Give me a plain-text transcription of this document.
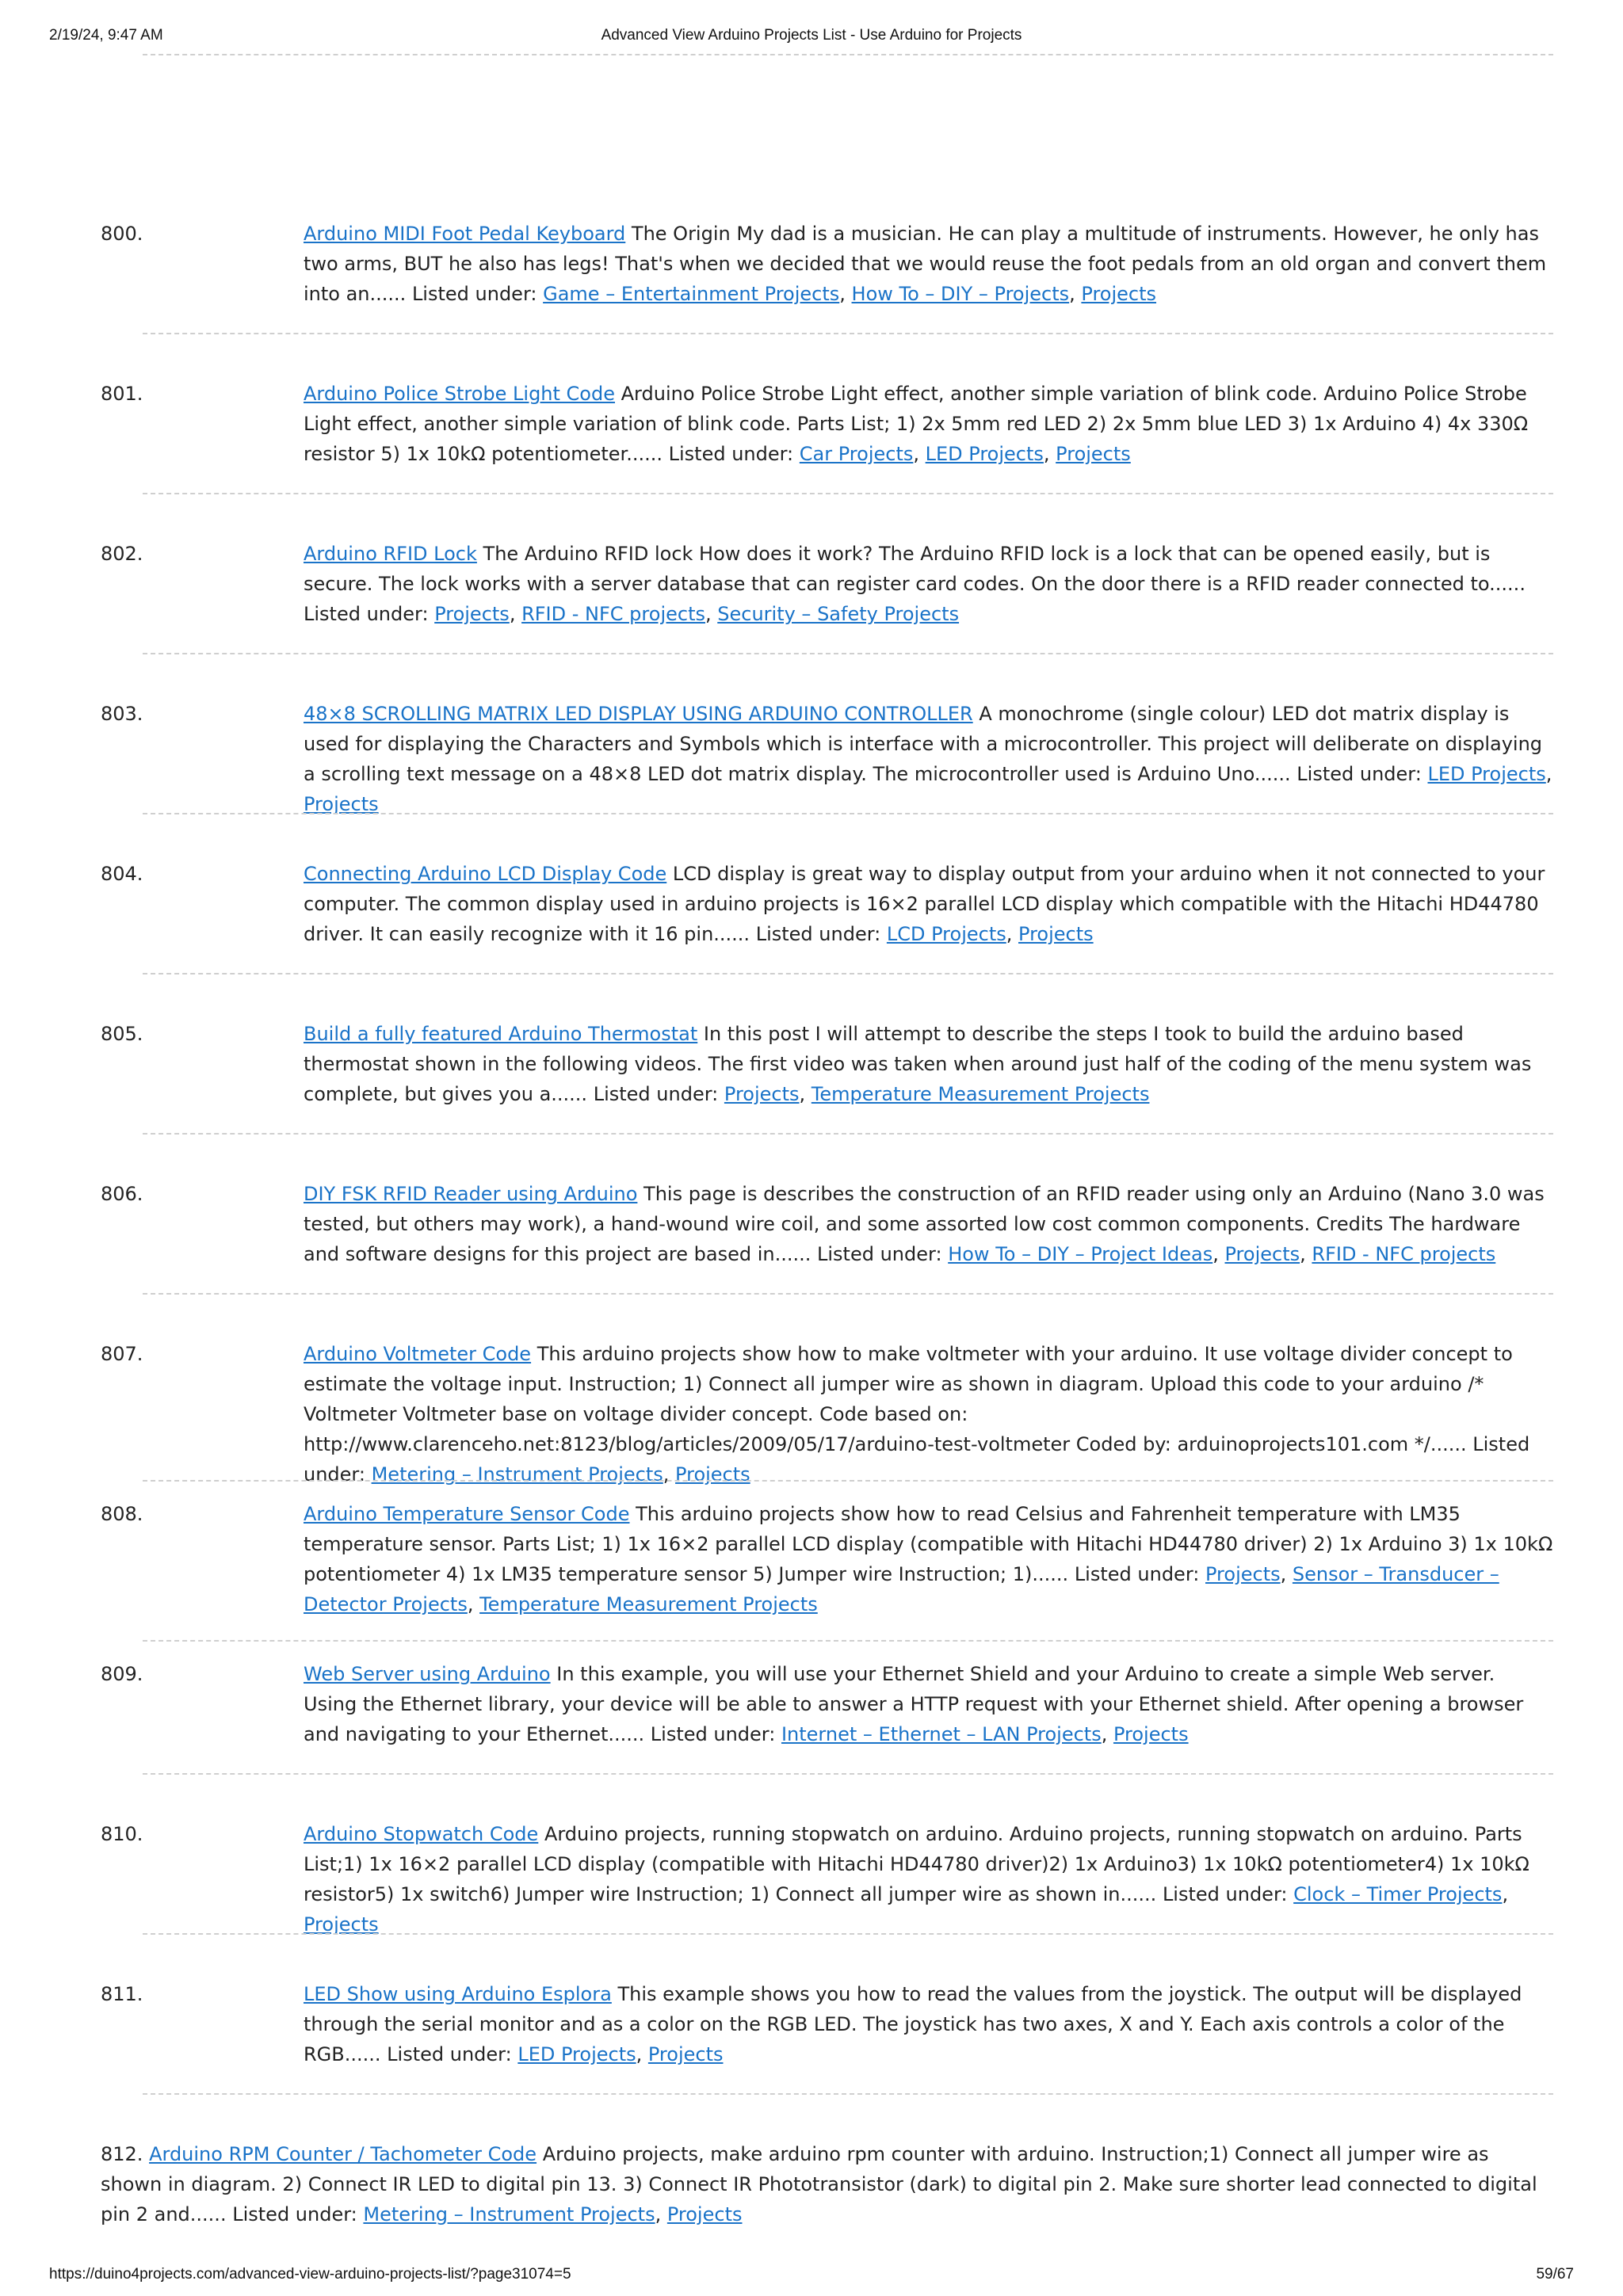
2/19/24, 9:47 AM	Advanced View Arduino Projects List - Use Arduino for Projects
800.	Arduino MIDI Foot Pedal Keyboard The Origin My dad is a musician. He can play a multitude of instruments. However, he only has two arms, BUT he also has legs! That's when we decided that we would reuse the foot pedals from an old organ and convert them into an...... Listed under: Game – Entertainment Projects, How To – DIY – Projects, Projects
801.	Arduino Police Strobe Light Code Arduino Police Strobe Light effect, another simple variation of blink code. Arduino Police Strobe Light effect, another simple variation of blink code. Parts List; 1) 2x 5mm red LED 2) 2x 5mm blue LED 3) 1x Arduino 4) 4x 330Ω resistor 5) 1x 10kΩ potentiometer...... Listed under: Car Projects, LED Projects, Projects
802.	Arduino RFID Lock The Arduino RFID lock How does it work? The Arduino RFID lock is a lock that can be opened easily, but is secure. The lock works with a server database that can register card codes. On the door there is a RFID reader connected to...... Listed under: Projects, RFID - NFC projects, Security – Safety Projects
803.	48×8 SCROLLING MATRIX LED DISPLAY USING ARDUINO CONTROLLER A monochrome (single colour) LED dot matrix display is used for displaying the Characters and Symbols which is interface with a microcontroller. This project will deliberate on displaying a scrolling text message on a 48×8 LED dot matrix display. The microcontroller used is Arduino Uno...... Listed under: LED Projects, Projects
804.	Connecting Arduino LCD Display Code LCD display is great way to display output from your arduino when it not connected to your computer. The common display used in arduino projects is 16×2 parallel LCD display which compatible with the Hitachi HD44780 driver. It can easily recognize with it 16 pin...... Listed under: LCD Projects, Projects
805.	Build a fully featured Arduino Thermostat In this post I will attempt to describe the steps I took to build the arduino based thermostat shown in the following videos. The first video was taken when around just half of the coding of the menu system was complete, but gives you a...... Listed under: Projects, Temperature Measurement Projects
806.	DIY FSK RFID Reader using Arduino This page is describes the construction of an RFID reader using only an Arduino (Nano 3.0 was tested, but others may work), a hand-wound wire coil, and some assorted low cost common components. Credits The hardware and software designs for this project are based in...... Listed under: How To – DIY – Project Ideas, Projects, RFID - NFC projects
807.	Arduino Voltmeter Code This arduino projects show how to make voltmeter with your arduino. It use voltage divider concept to estimate the voltage input. Instruction; 1) Connect all jumper wire as shown in diagram. Upload this code to your arduino /* Voltmeter Voltmeter base on voltage divider concept. Code based on: http://www.clarenceho.net:8123/blog/articles/2009/05/17/arduino-test-voltmeter Coded by: arduinoprojects101.com */...... Listed under: Metering – Instrument Projects, Projects
808.	Arduino Temperature Sensor Code This arduino projects show how to read Celsius and Fahrenheit temperature with LM35 temperature sensor. Parts List; 1) 1x 16×2 parallel LCD display (compatible with Hitachi HD44780 driver) 2) 1x Arduino 3) 1x 10kΩ potentiometer 4) 1x LM35 temperature sensor 5) Jumper wire Instruction; 1)...... Listed under: Projects, Sensor – Transducer – Detector Projects, Temperature Measurement Projects
809.	Web Server using Arduino In this example, you will use your Ethernet Shield and your Arduino to create a simple Web server. Using the Ethernet library, your device will be able to answer a HTTP request with your Ethernet shield. After opening a browser and navigating to your Ethernet...... Listed under: Internet – Ethernet – LAN Projects, Projects
810.	Arduino Stopwatch Code Arduino projects, running stopwatch on arduino. Arduino projects, running stopwatch on arduino. Parts List;1) 1x 16×2 parallel LCD display (compatible with Hitachi HD44780 driver)2) 1x Arduino3) 1x 10kΩ potentiometer4) 1x 10kΩ resistor5) 1x switch6) Jumper wire Instruction; 1) Connect all jumper wire as shown in...... Listed under: Clock – Timer Projects, Projects
811.	LED Show using Arduino Esplora This example shows you how to read the values from the joystick. The output will be displayed through the serial monitor and as a color on the RGB LED. The joystick has two axes, X and Y. Each axis controls a color of the RGB...... Listed under: LED Projects, Projects
812. Arduino RPM Counter / Tachometer Code Arduino projects, make arduino rpm counter with arduino. Instruction;1) Connect all jumper wire as shown in diagram. 2) Connect IR LED to digital pin 13. 3) Connect IR Phototransistor (dark) to digital pin 2. Make sure shorter lead connected to digital pin 2 and...... Listed under: Metering – Instrument Projects, Projects
https://duino4projects.com/advanced-view-arduino-projects-list/?page31074=5	59/67
